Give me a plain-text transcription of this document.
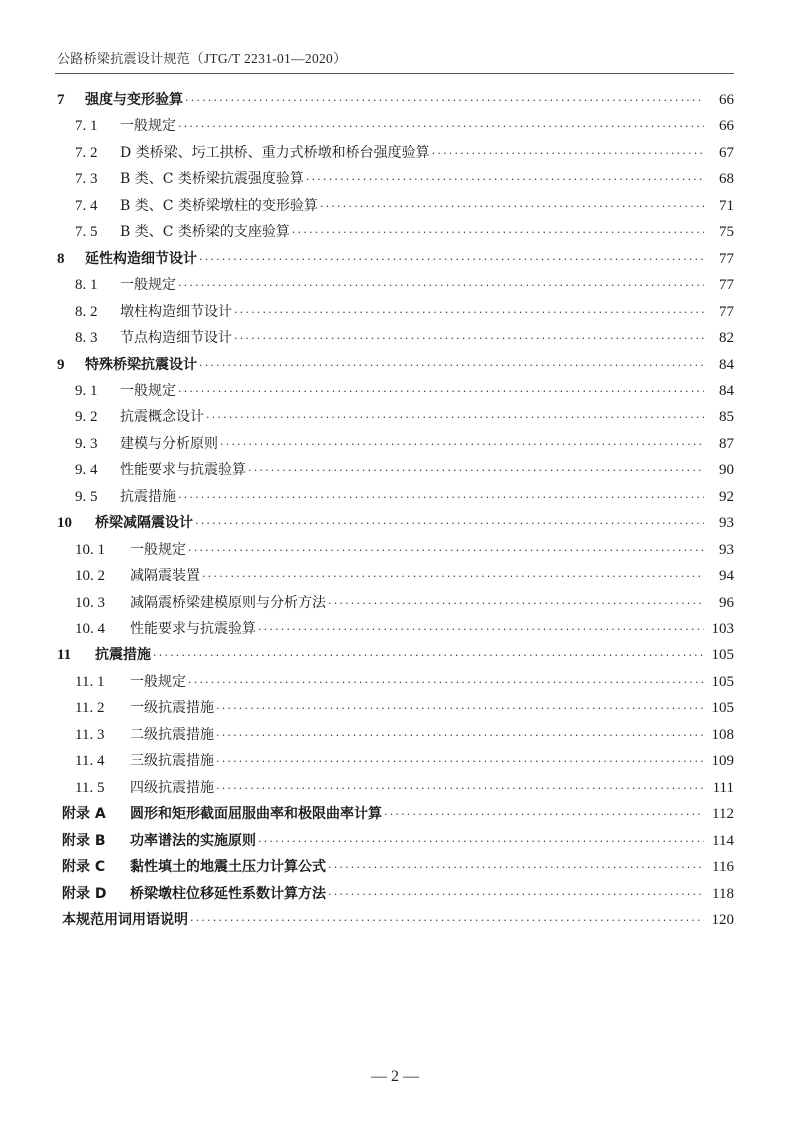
公路桥梁抗震设计规范（JTG/T 2231-01—2020）
7	强度与变形验算 ·····	66
7. 1	一般规定 ·····	66
7. 2	D 类桥梁、圬工拱桥、重力式桥墩和桥台强度验算 ·····	67
7. 3	B 类、C 类桥梁抗震强度验算 ·····	68
7. 4	B 类、C 类桥梁墩柱的变形验算 ·····	71
7. 5	B 类、C 类桥梁的支座验算 ·····	75
8	延性构造细节设计 ·····	77
8. 1	一般规定 ·····	77
8. 2	墩柱构造细节设计 ·····	77
8. 3	节点构造细节设计 ·····	82
9	特殊桥梁抗震设计 ·····	84
9. 1	一般规定 ·····	84
9. 2	抗震概念设计 ·····	85
9. 3	建模与分析原则 ·····	87
9. 4	性能要求与抗震验算 ·····	90
9. 5	抗震措施 ·····	92
10	桥梁减隔震设计 ·····	93
10. 1	一般规定 ·····	93
10. 2	减隔震装置 ·····	94
10. 3	减隔震桥梁建模原则与分析方法 ·····	96
10. 4	性能要求与抗震验算 ·····	103
11	抗震措施 ·····	105
11. 1	一般规定 ·····	105
11. 2	一级抗震措施 ·····	105
11. 3	二级抗震措施 ·····	108
11. 4	三级抗震措施 ·····	109
11. 5	四级抗震措施 ·····	111
附录 A	圆形和矩形截面屈服曲率和极限曲率计算 ·····	112
附录 B	功率谱法的实施原则 ·····	114
附录 C	黏性填土的地震土压力计算公式 ·····	116
附录 D	桥梁墩柱位移延性系数计算方法 ·····	118
本规范用词用语说明 ·····	120
— 2 —
